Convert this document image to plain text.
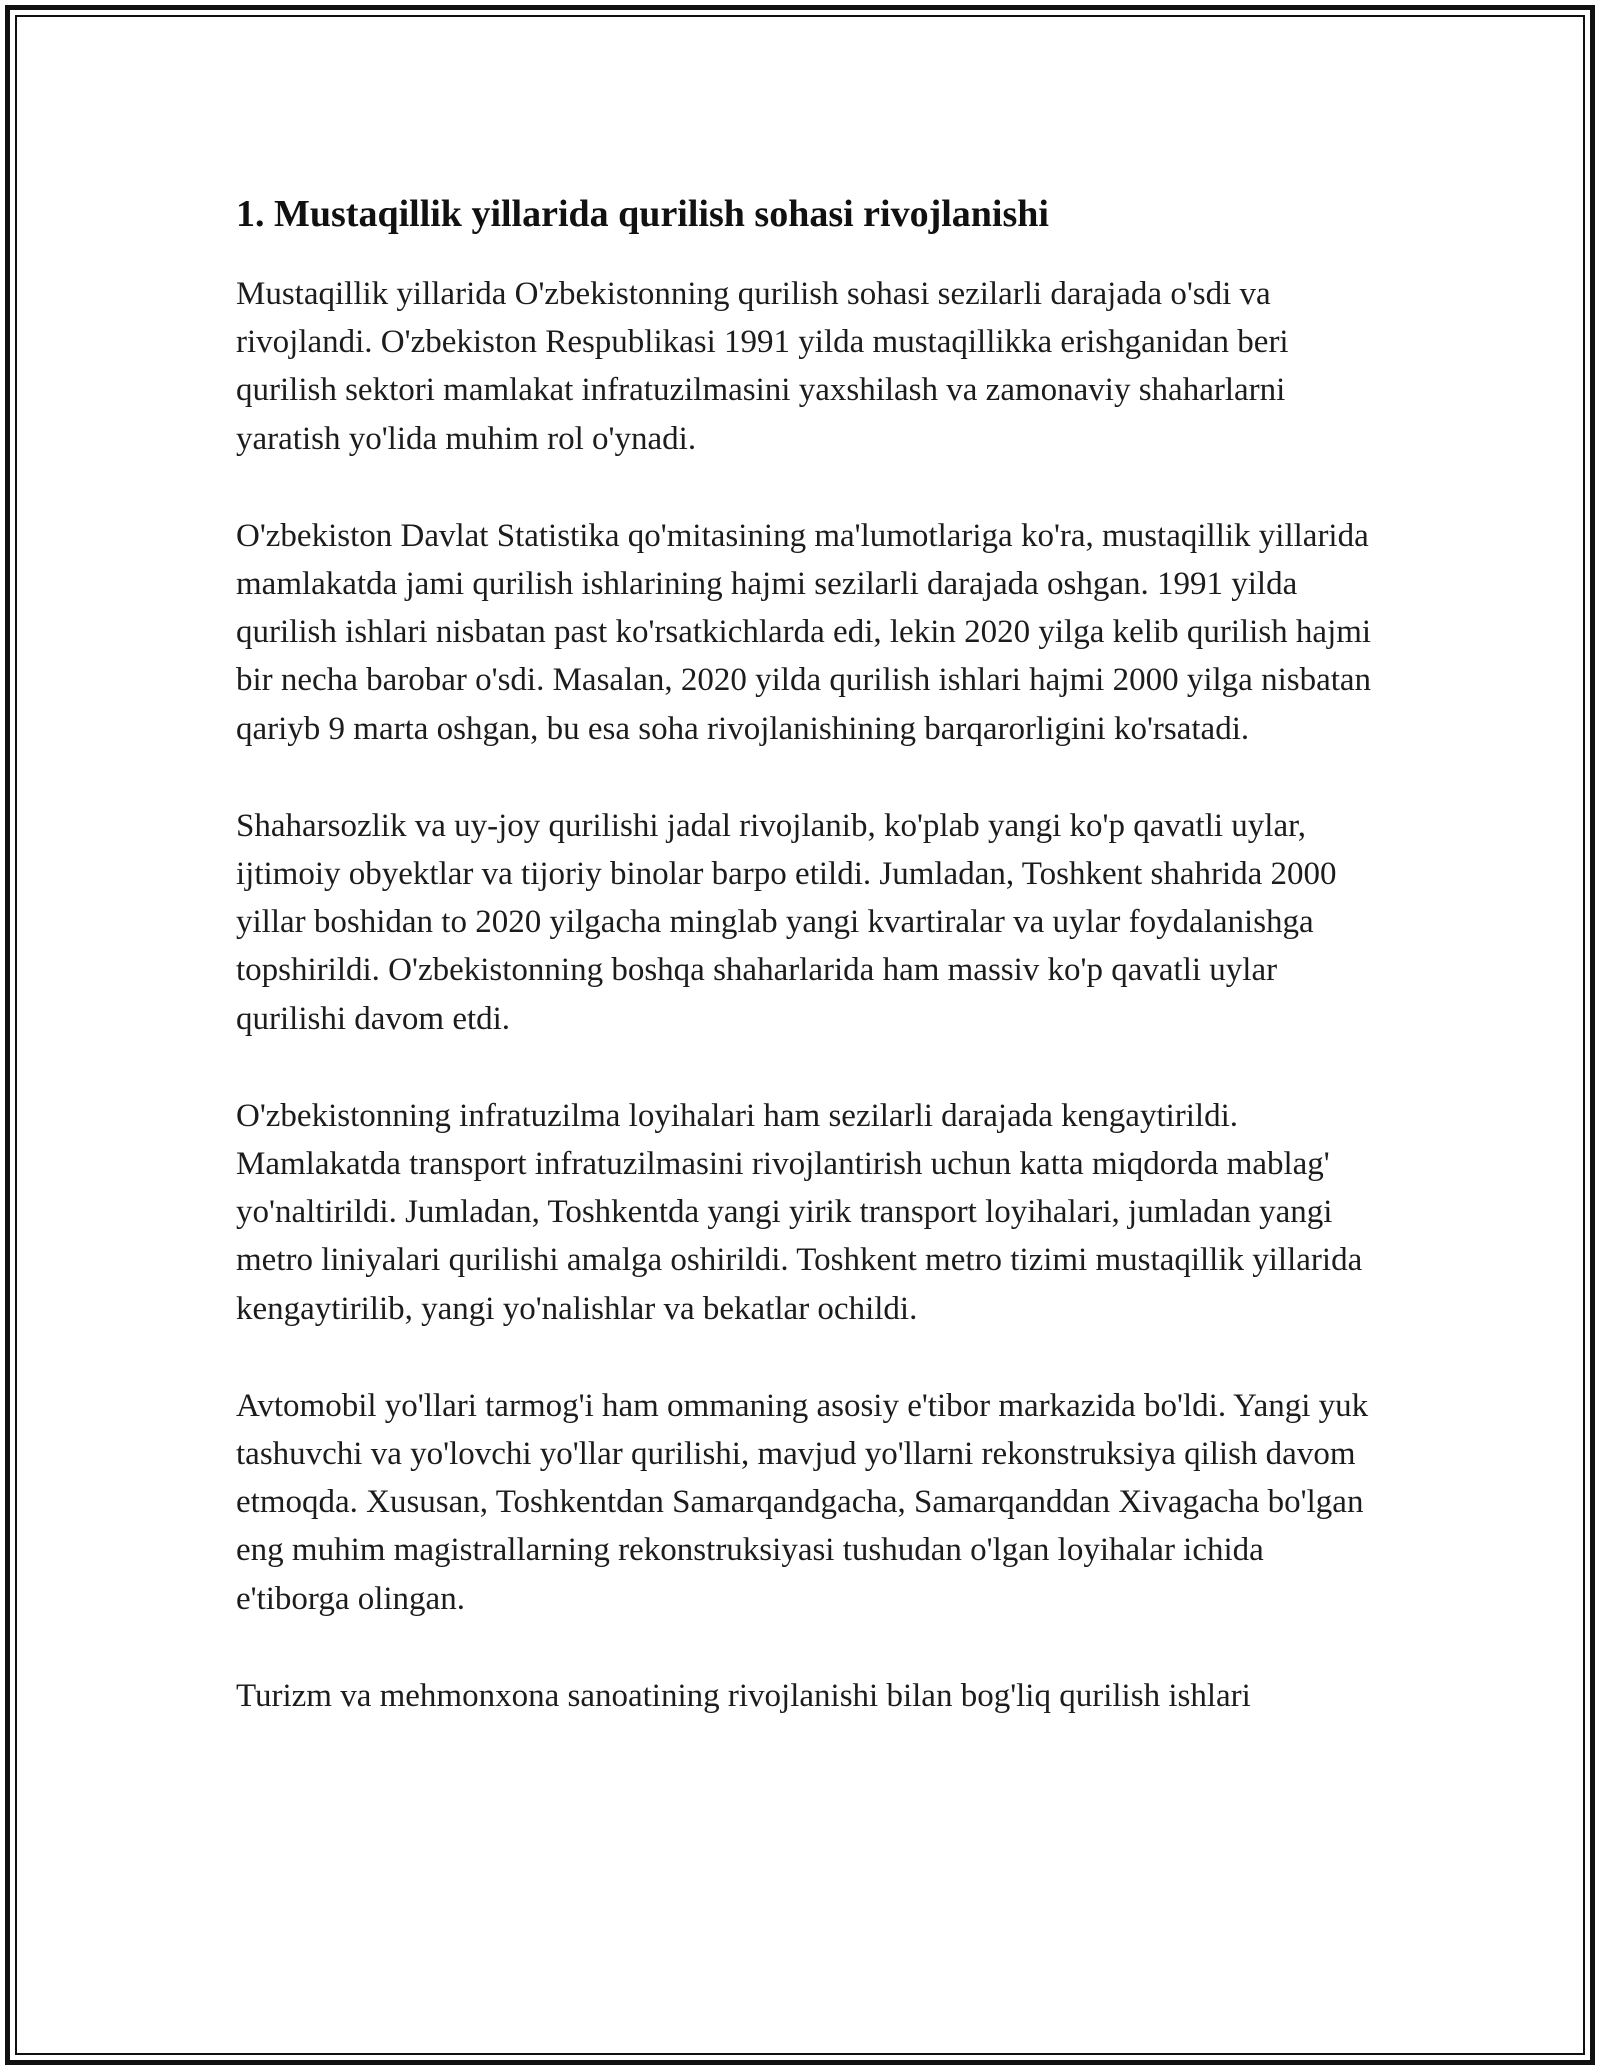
1. Mustaqillik yillarida qurilish sohasi rivojlanishi

Mustaqillik yillarida O'zbekistonning qurilish sohasi sezilarli darajada o'sdi va rivojlandi. O'zbekiston Respublikasi 1991 yilda mustaqillikka erishganidan beri qurilish sektori mamlakat infratuzilmasini yaxshilash va zamonaviy shaharlarni yaratish yo'lida muhim rol o'ynadi.

O'zbekiston Davlat Statistika qo'mitasining ma'lumotlariga ko'ra, mustaqillik yillarida mamlakatda jami qurilish ishlarining hajmi sezilarli darajada oshgan. 1991 yilda qurilish ishlari nisbatan past ko'rsatkichlarda edi, lekin 2020 yilga kelib qurilish hajmi bir necha barobar o'sdi. Masalan, 2020 yilda qurilish ishlari hajmi 2000 yilga nisbatan qariyb 9 marta oshgan, bu esa soha rivojlanishining barqarorligini ko'rsatadi.

Shaharsozlik va uy-joy qurilishi jadal rivojlanib, ko'plab yangi ko'p qavatli uylar, ijtimoiy obyektlar va tijoriy binolar barpo etildi. Jumladan, Toshkent shahrida 2000 yillar boshidan to 2020 yilgacha minglab yangi kvartiralar va uylar foydalanishga topshirildi. O'zbekistonning boshqa shaharlarida ham massiv ko'p qavatli uylar qurilishi davom etdi.

O'zbekistonning infratuzilma loyihalari ham sezilarli darajada kengaytirildi. Mamlakatda transport infratuzilmasini rivojlantirish uchun katta miqdorda mablag' yo'naltirildi. Jumladan, Toshkentda yangi yirik transport loyihalari, jumladan yangi metro liniyalari qurilishi amalga oshirildi. Toshkent metro tizimi mustaqillik yillarida kengaytirilib, yangi yo'nalishlar va bekatlar ochildi.

Avtomobil yo'llari tarmog'i ham ommaning asosiy e'tibor markazida bo'ldi. Yangi yuk tashuvchi va yo'lovchi yo'llar qurilishi, mavjud yo'llarni rekonstruksiya qilish davom etmoqda. Xususan, Toshkentdan Samarqandgacha, Samarqanddan Xivagacha bo'lgan eng muhim magistrallarning rekonstruksiyasi tushudan o'lgan loyihalar ichida e'tiborga olingan.

Turizm va mehmonxona sanoatining rivojlanishi bilan bog'liq qurilish ishlari
